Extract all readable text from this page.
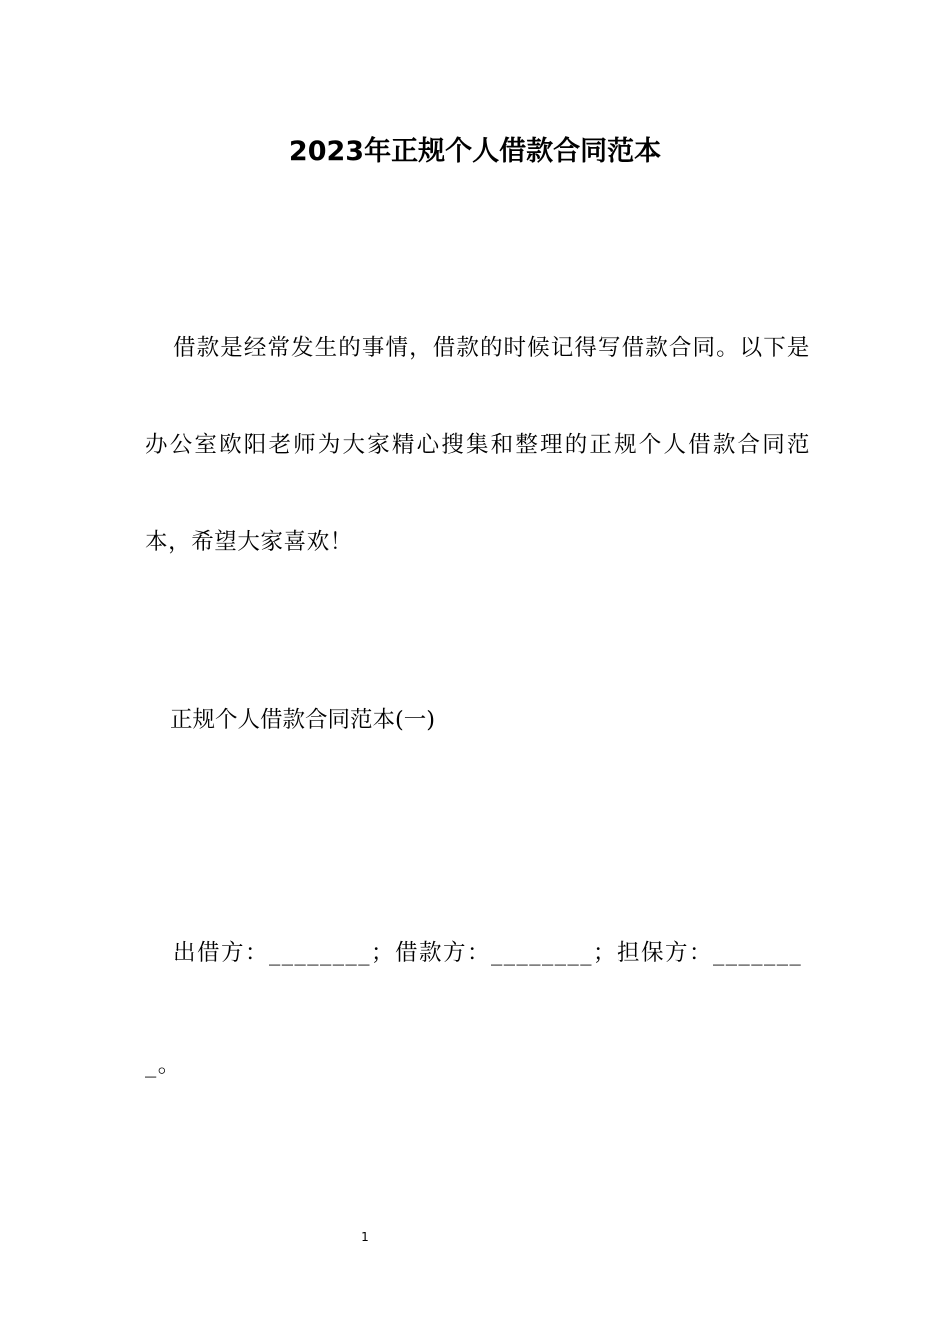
2023年正规个人借款合同范本

借款是经常发生的事情，借款的时候记得写借款合同。以下是办公室欧阳老师为大家精心搜集和整理的正规个人借款合同范本，希望大家喜欢！

正规个人借款合同范本(一)

出借方：________；借款方：________；担保方：________。

1
